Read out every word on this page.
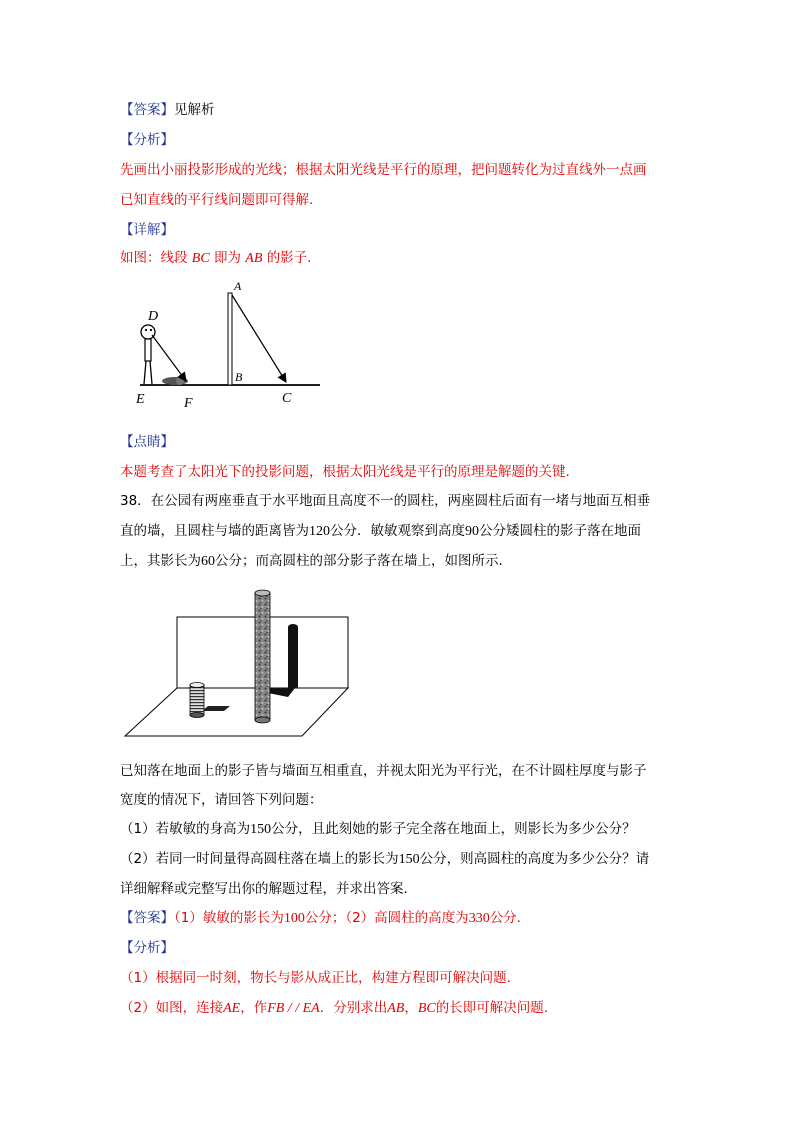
【答案】见解析
【分析】
先画出小丽投影形成的光线；根据太阳光线是平行的原理，把问题转化为过直线外一点画
已知直线的平行线问题即可得解.
【详解】
如图：线段 BC 即为 AB 的影子.
A
B
C
D
E	F
【点睛】
本题考查了太阳光下的投影问题，根据太阳光线是平行的原理是解题的关键.
38．在公园有两座垂直于水平地面且高度不一的圆柱，两座圆柱后面有一堵与地面互相垂
直的墙，且圆柱与墙的距离皆为120公分．敏敏观察到高度90公分矮圆柱的影子落在地面
上，其影长为60公分；而高圆柱的部分影子落在墙上，如图所示．
已知落在地面上的影子皆与墙面互相重直，并视太阳光为平行光，在不计圆柱厚度与影子
宽度的情况下，请回答下列问题：
（1）若敏敏的身高为150公分，且此刻她的影子完全落在地面上，则影长为多少公分？
（2）若同一时间量得高圆柱落在墙上的影长为150公分，则高圆柱的高度为多少公分？请
详细解释或完整写出你的解题过程，并求出答案．
【答案】（1）敏敏的影长为100公分；（2）高圆柱的高度为330公分.
【分析】
（1）根据同一时刻，物长与影从成正比，构建方程即可解决问题.
（2）如图，连接AE，作FB / / EA．分别求出AB，BC的长即可解决问题.
